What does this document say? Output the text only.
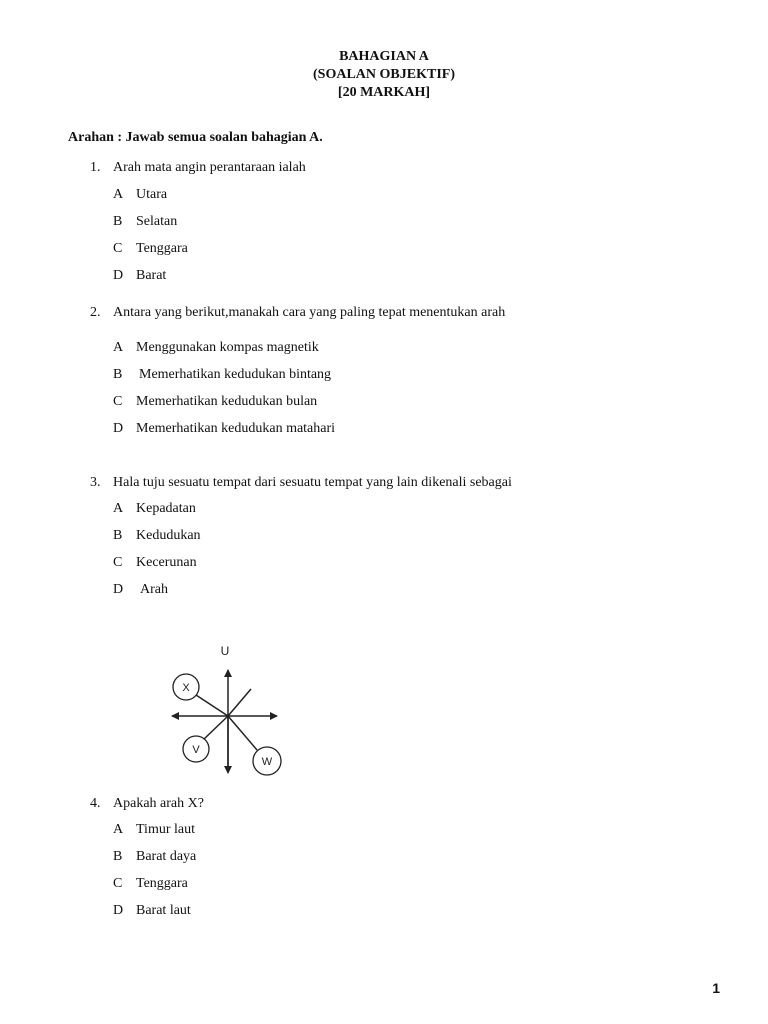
BAHAGIAN A
(SOALAN OBJEKTIF)
[20 MARKAH]
Arahan : Jawab semua soalan bahagian A.
1. Arah mata angin perantaraan ialah
A Utara
B Selatan
C Tenggara
D Barat
2. Antara yang berikut,manakah cara yang paling tepat menentukan arah
A Menggunakan kompas magnetik
B Memerhatikan kedudukan bintang
C Memerhatikan kedudukan bulan
D Memerhatikan kedudukan matahari
3. Hala tuju sesuatu tempat dari sesuatu tempat yang lain dikenali sebagai
A Kepadatan
B Kedudukan
C Kecerunan
D Arah
U
X
V
W
4. Apakah arah X?
A Timur laut
B Barat daya
C Tenggara
D Barat laut
1
